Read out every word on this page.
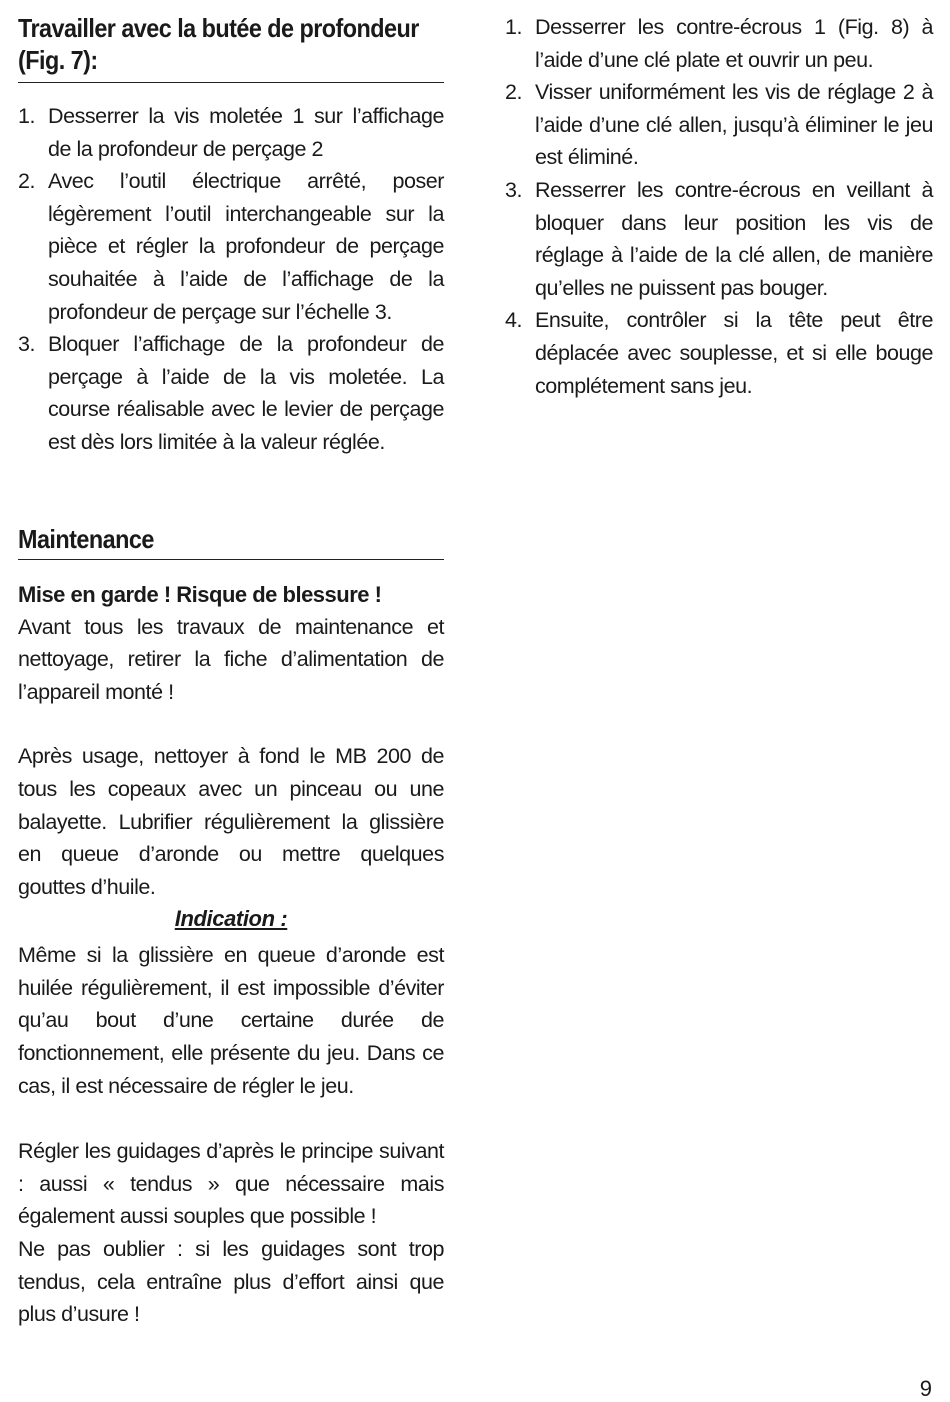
Travailler avec la butée de profondeur (Fig. 7):
1. Desserrer la vis moletée 1 sur l’affichage de la profondeur de perçage 2
2. Avec l’outil électrique arrêté, poser légèrement l’outil interchangeable sur la pièce et régler la profondeur de perçage souhaitée à l’aide de l’affichage de la profondeur de perçage sur l’échelle 3.
3. Bloquer l’affichage de la profondeur de perçage à l’aide de la vis moletée. La course réalisable avec le levier de perçage est dès lors limitée à la valeur réglée.
Maintenance
Mise en garde ! Risque de blessure !
Avant tous les travaux de maintenance et nettoyage, retirer la fiche d’alimentation de l’appareil monté !
Après usage, nettoyer à fond le MB 200 de tous les copeaux avec un pinceau ou une balayette. Lubrifier régulièrement la glissière en queue d’aronde ou mettre quelques gouttes d’huile.
Indication :
Même si la glissière en queue d’aronde est huilée régulièrement, il est impossible d’éviter qu’au bout d’une certaine durée de fonctionnement, elle présente du jeu. Dans ce cas, il est nécessaire de régler le jeu.
Régler les guidages d’après le principe suivant : aussi « tendus » que nécessaire mais également aussi souples que possible !
Ne pas oublier : si les guidages sont trop tendus, cela entraîne plus d’effort ainsi que plus d’usure !
1. Desserrer les contre-écrous 1 (Fig. 8) à l’aide d’une clé plate et ouvrir un peu.
2. Visser uniformément les vis de réglage 2 à l’aide d’une clé allen, jusqu’à éliminer le jeu est éliminé.
3. Resserrer les contre-écrous en veillant à bloquer dans leur position les vis de réglage à l’aide de la clé allen, de manière qu’elles ne puissent pas bouger.
4. Ensuite, contrôler si la tête peut être déplacée avec souplesse, et si elle bouge complétement sans jeu.
9
